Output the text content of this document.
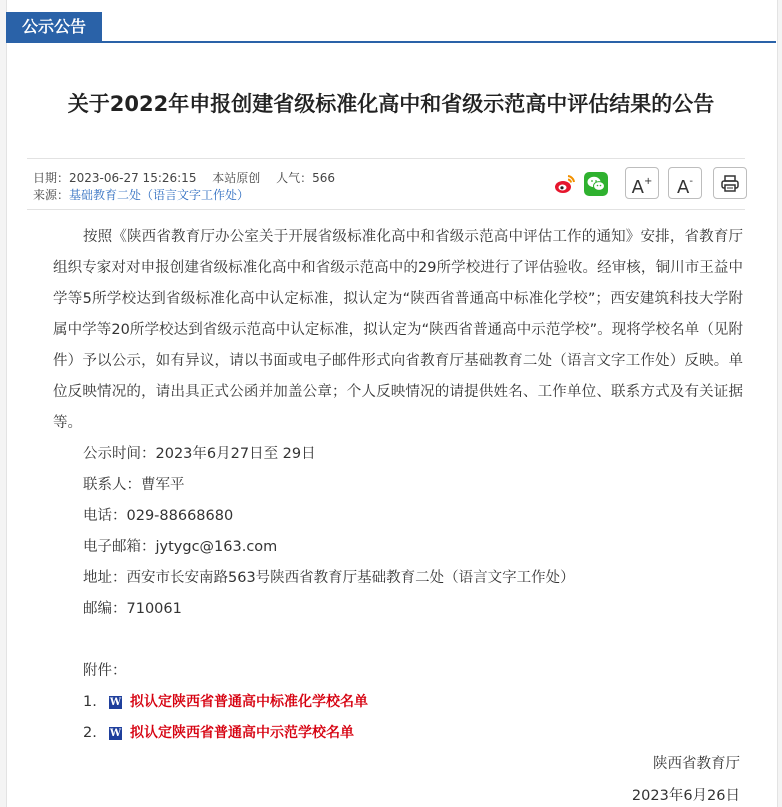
公示公告
关于2022年申报创建省级标准化高中和省级示范高中评估结果的公告
日期：2023-06-27 15:26:15 本站原创 人气：566
来源：基础教育二处（语言文字工作处）	A+	A-

按照《陕西省教育厅办公室关于开展省级标准化高中和省级示范高中评估工作的通知》安排，省教育厅组织专家对对申报创建省级标准化高中和省级示范高中的29所学校进行了评估验收。经审核，铜川市王益中学等5所学校达到省级标准化高中认定标准，拟认定为“陕西省普通高中标准化学校”；西安建筑科技大学附属中学等20所学校达到省级示范高中认定标准，拟认定为“陕西省普通高中示范学校”。现将学校名单（见附件）予以公示，如有异议，请以书面或电子邮件形式向省教育厅基础教育二处（语言文字工作处）反映。单位反映情况的，请出具正式公函并加盖公章；个人反映情况的请提供姓名、工作单位、联系方式及有关证据等。

公示时间：2023年6月27日至 29日

联系人：曹军平

电话：029-88668680

电子邮箱：jytygc@163.com

地址：西安市长安南路563号陕西省教育厅基础教育二处（语言文字工作处）

邮编：710061

附件：

1.	W 拟认定陕西省普通高中标准化学校名单
2.	W 拟认定陕西省普通高中示范学校名单
陕西省教育厅
2023年6月26日
